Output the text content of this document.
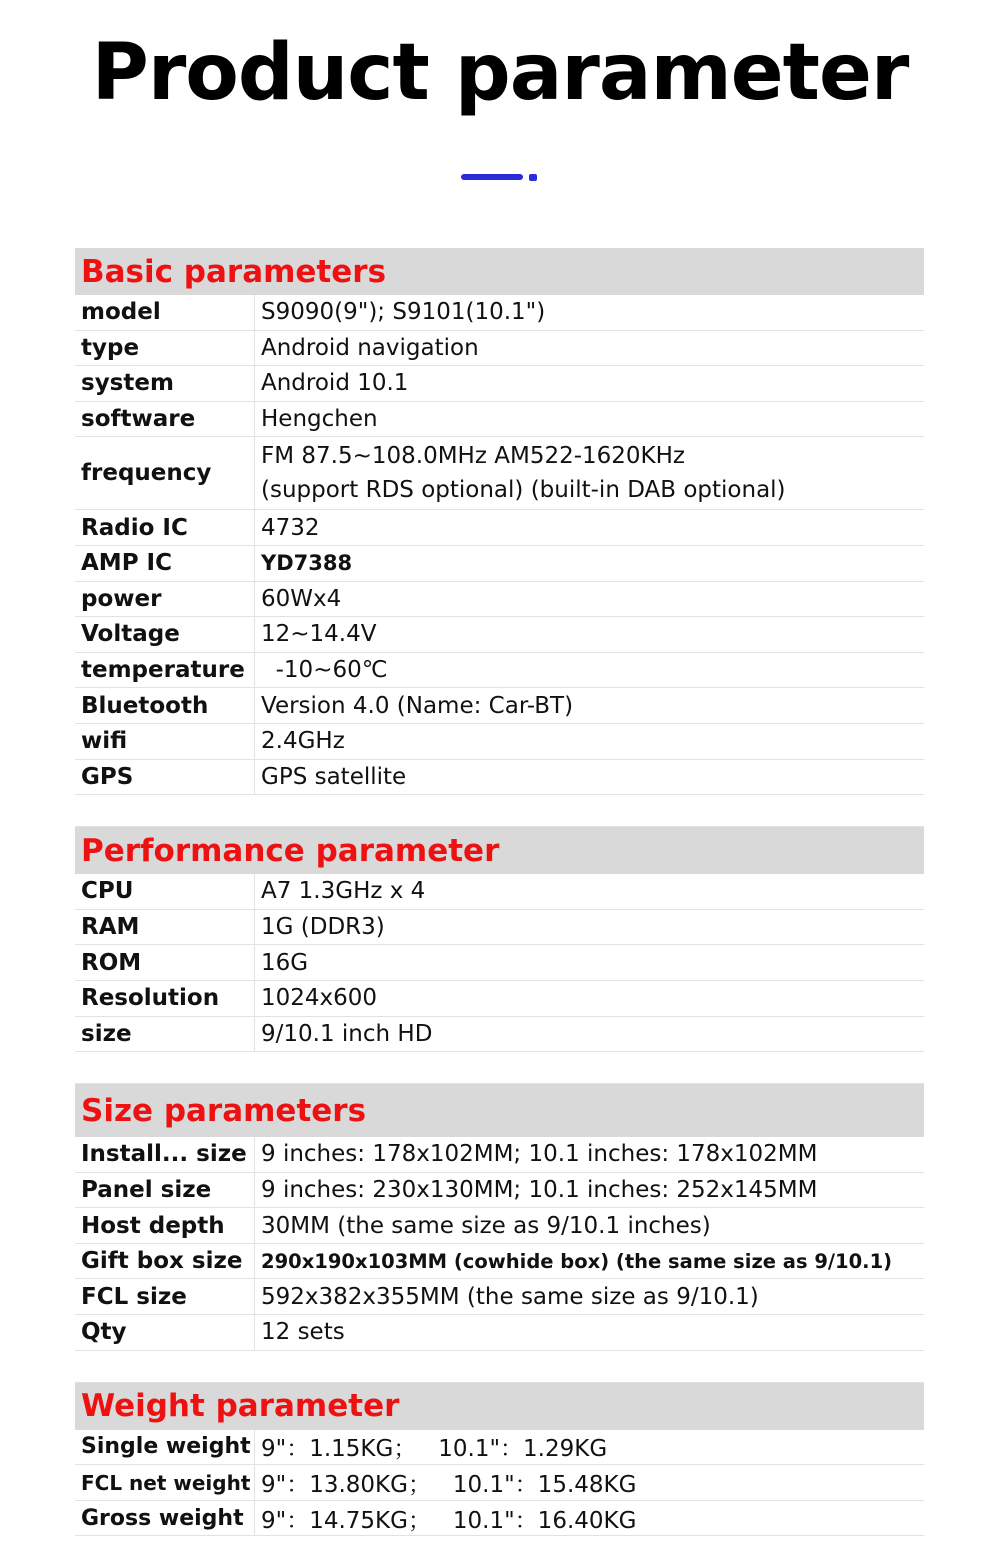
Product parameter
Basic parameters
model	S9090(9"); S9101(10.1")
type	Android navigation
system	Android 10.1
software	Hengchen
frequency
FM 87.5~108.0MHz AM522-1620KHz
(support RDS optional) (built-in DAB optional)
Radio IC	4732
AMP IC	YD7388
power	60Wx4
Voltage	12~14.4V
temperature -10~60℃
Bluetooth	Version 4.0 (Name: Car-BT)
wifi	2.4GHz
GPS	GPS satellite
Performance parameter
CPU	A7 1.3GHz x 4
RAM	1G (DDR3)
ROM	16G
Resolution	1024x600
size	9/10.1 inch HD
Size parameters
Install... size 9 inches: 178x102MM; 10.1 inches: 178x102MM
Panel size	9 inches: 230x130MM; 10.1 inches: 252x145MM
Host depth	30MM (the same size as 9/10.1 inches)
Gift box size 290x190x103MM (cowhide box) (the same size as 9/10.1)
FCL size	592x382x355MM (the same size as 9/10.1)
Qty	12 sets
Weight parameter
Single weight 9"：1.15KG；   10.1"：1.29KG
FCL net weight 9"：13.80KG；   10.1"：15.48KG
Gross weight 9"：14.75KG；   10.1"：16.40KG
